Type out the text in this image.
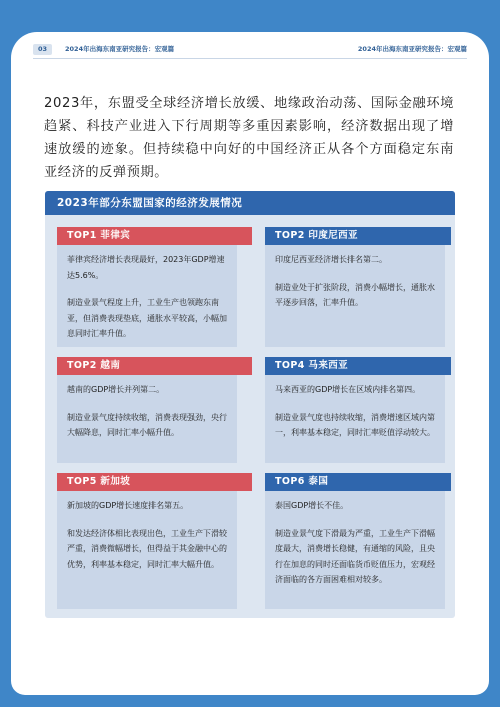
03	2024年出海东南亚研究报告：宏观篇	2024年出海东南亚研究报告：宏观篇
2023年，东盟受全球经济增长放缓、地缘政治动荡、国际金融环境趋紧、科技产业进入下行周期等多重因素影响，经济数据出现了增速放缓的迹象。但持续稳中向好的中国经济正从各个方面稳定东南亚经济的反弹预期。
2023年部分东盟国家的经济发展情况
TOP1 菲律宾

菲律宾经济增长表现最好，2023年GDP增速达5.6%。

制造业景气程度上升，工业生产也领跑东南亚，但消费表现垫底，通胀水平较高，小幅加息同时汇率升值。

TOP2 印度尼西亚

印度尼西亚经济增长排名第二。

制造业处于扩张阶段，消费小幅增长，通胀水平逐步回落，汇率升值。

TOP2 越南

越南的GDP增长并列第二。

制造业景气度持续收缩，消费表现强劲，央行大幅降息，同时汇率小幅升值。

TOP4 马来西亚

马来西亚的GDP增长在区域内排名第四。

制造业景气度也持续收缩，消费增速区域内第一，利率基本稳定，同时汇率贬值浮动较大。

TOP5 新加坡

新加坡的GDP增长速度排名第五。

和发达经济体相比表现出色，工业生产下滑较严重，消费微幅增长，但得益于其金融中心的优势，利率基本稳定，同时汇率大幅升值。

TOP6 泰国

泰国GDP增长不佳。

制造业景气度下滑最为严重，工业生产下滑幅度最大，消费增长稳健，有通缩的风险，且央行在加息的同时还面临货币贬值压力，宏观经济面临的各方面困难相对较多。
